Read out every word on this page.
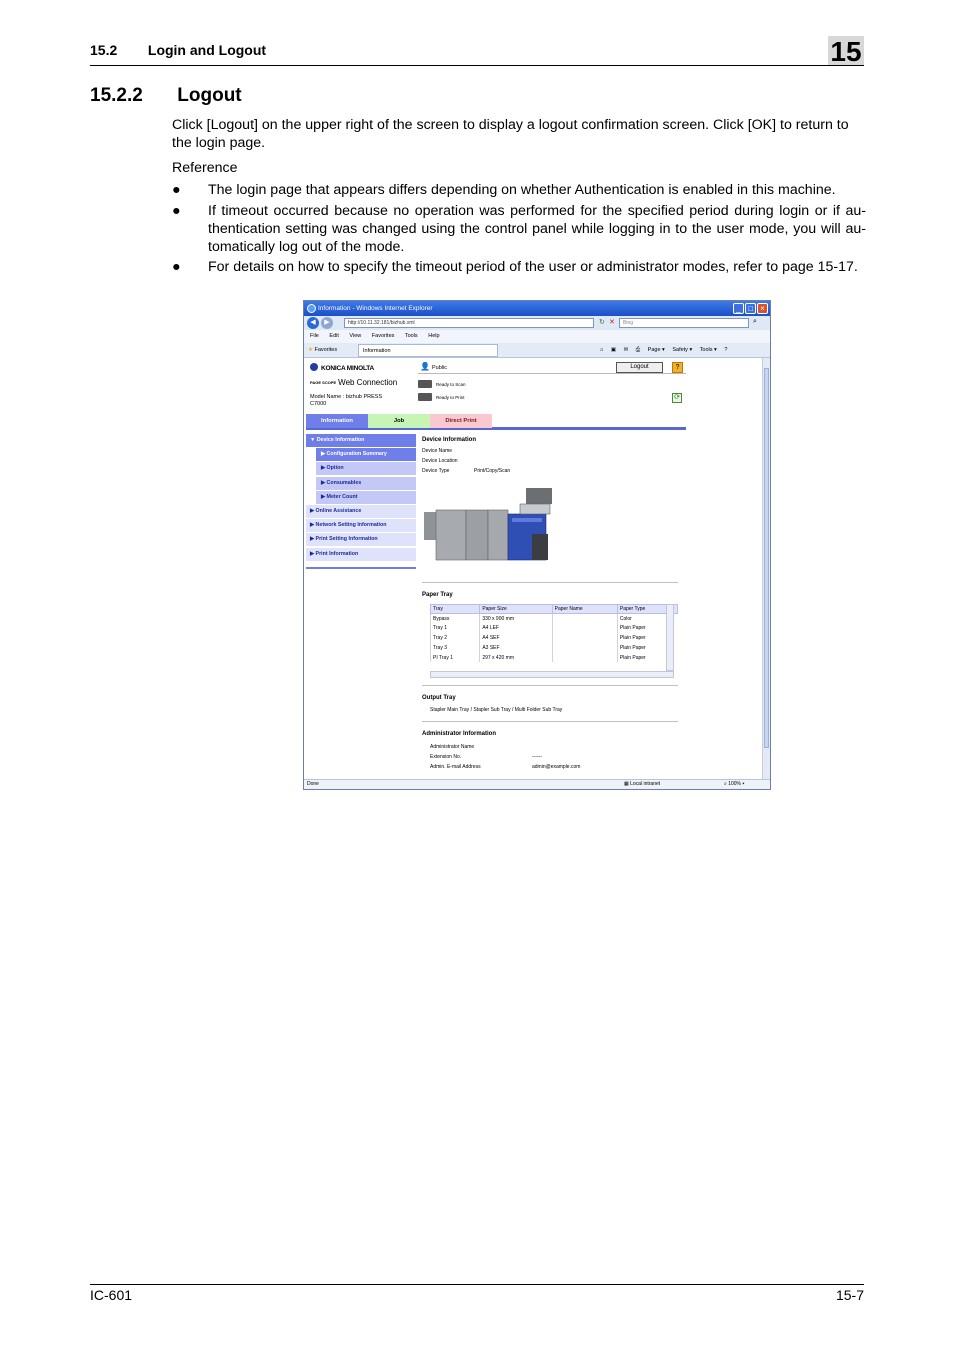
15.2 Login and Logout	15
15.2.2 Logout

Click [Logout] on the upper right of the screen to display a logout confirmation screen. Click [OK] to return to the login page.

Reference
● The login page that appears differs depending on whether Authentication is enabled in this machine.
● If timeout occurred because no operation was performed for the specified period during login or if au-thentication setting was changed using the control panel while logging in to the user mode, you will au-tomatically log out of the mode.
● For details on how to specify the timeout period of the user or administrator modes, refer to page 15-17.
Information - Windows Internet Explorer	_ □ ×
◀	▶	http://10.11.32.181/bizhub.xml	↻ ✕	Bing	⌕
File Edit View Favorites Tools Help
★ Favorites	Information	⌂ ▣ ✉ ⎙ Page ▾ Safety ▾ Tools ▾ ?
KONICA MINOLTA
PAGE SCOPE Web Connection
Model Name : bizhub PRESS
C7000
👤 Public	Logout	?
Ready to Scan
Ready to Print	⟳
Information	Job	Direct Print
▼ Device Information
▶ Configuration Summary
▶ Option
▶ Consumables
▶ Meter Count
▶ Online Assistance
▶ Network Setting Information
▶ Print Setting Information
▶ Print Information
Device Information
Device Name
Device Location
Device Type	Print/Copy/Scan
Paper Tray
Tray	Paper Size	Paper Name	Paper Type
Bypass	330 x 900 mm		Color
Tray 1	A4 LEF		Plain Paper
Tray 2	A4 SEF		Plain Paper
Tray 3	A3 SEF		Plain Paper
PI Tray 1	297 x 420 mm		Plain Paper
Output Tray
Stapler Main Tray / Stapler Sub Tray / Multi Folder Sub Tray
Administrator Information
Administrator Name
Extension No.	------
Admin. E-mail Address	admin@example.com
Done	▦ Local intranet	⌕ 100% ▾
IC-601	15-7
